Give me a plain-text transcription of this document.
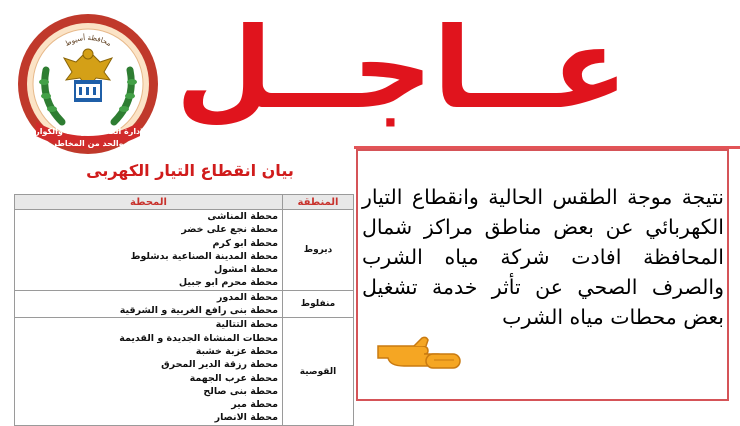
الادارة العامة للأزمات والكوارث
والحد من المخاطر
محافظة أسيوط عــاجــل
بيان انقطاع التيار الكهربى
المنطقة	المحطة
ديروط	محطة المناشى
	محطة نجع على خضر
	محطة ابو كرم
	محطة المدينة الصناعية بدشلوط
	محطة امشول
	محطة محرم ابو جبيل
منفلوط	محطة المدور
	محطة بنى رافع الغربية و الشرقية
القوصية	محطة التتالية
	محطات المنشاة الجديدة و القديمة
	محطة عزبة خشبة
	محطة رزقة الدير المحرق
	محطة عرب الجهمة
	محطة بنى صالح
	محطة مير
	محطة الانصار
نتيجة موجة الطقس الحالية وانقطاع التيار الكهربائي عن بعض مناطق مراكز شمال المحافظة افادت شركة مياه الشرب والصرف الصحي عن تأثر خدمة تشغيل بعض محطات مياه الشرب
